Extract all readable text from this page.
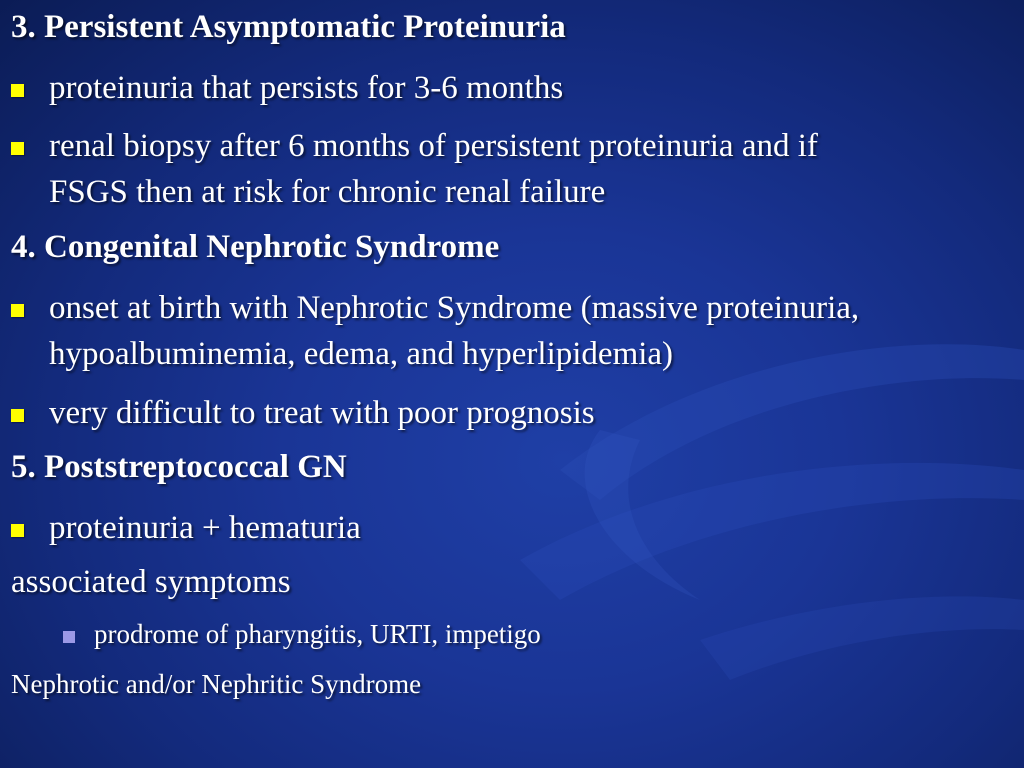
3. Persistent Asymptomatic Proteinuria
proteinuria that persists for 3-6 months
renal biopsy after 6 months of persistent proteinuria and if
FSGS then at risk for chronic renal failure
4. Congenital Nephrotic Syndrome
onset at birth with Nephrotic Syndrome (massive proteinuria,
hypoalbuminemia, edema, and hyperlipidemia)
very difficult to treat with poor prognosis
5. Poststreptococcal GN
proteinuria + hematuria
associated symptoms
prodrome of pharyngitis, URTI, impetigo
Nephrotic and/or Nephritic Syndrome
